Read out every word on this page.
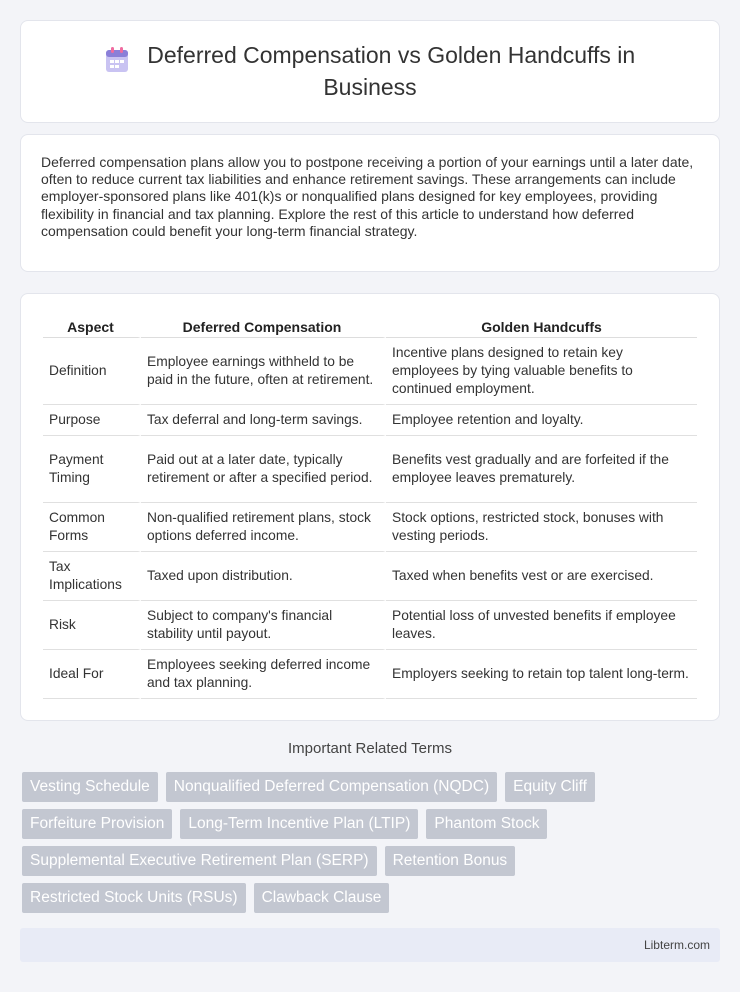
Deferred Compensation vs Golden Handcuffs in Business

Deferred compensation plans allow you to postpone receiving a portion of your earnings until a later date, often to reduce current tax liabilities and enhance retirement savings. These arrangements can include employer-sponsored plans like 401(k)s or nonqualified plans designed for key employees, providing flexibility in financial and tax planning. Explore the rest of this article to understand how deferred compensation could benefit your long-term financial strategy.

Aspect	Deferred Compensation	Golden Handcuffs
Definition	Employee earnings withheld to be paid in the future, often at retirement.	Incentive plans designed to retain key employees by tying valuable benefits to continued employment.
Purpose	Tax deferral and long-term savings.	Employee retention and loyalty.
Payment Timing	Paid out at a later date, typically retirement or after a specified period.	Benefits vest gradually and are forfeited if the employee leaves prematurely.
Common Forms	Non-qualified retirement plans, stock options deferred income.	Stock options, restricted stock, bonuses with vesting periods.
Tax Implications	Taxed upon distribution.	Taxed when benefits vest or are exercised.
Risk	Subject to company's financial stability until payout.	Potential loss of unvested benefits if employee leaves.
Ideal For	Employees seeking deferred income and tax planning.	Employers seeking to retain top talent long-term.
Important Related Terms
Vesting Schedule	Nonqualified Deferred Compensation (NQDC)	Equity Cliff
Forfeiture Provision	Long-Term Incentive Plan (LTIP)	Phantom Stock
Supplemental Executive Retirement Plan (SERP)	Retention Bonus
Restricted Stock Units (RSUs)	Clawback Clause
Libterm.com
